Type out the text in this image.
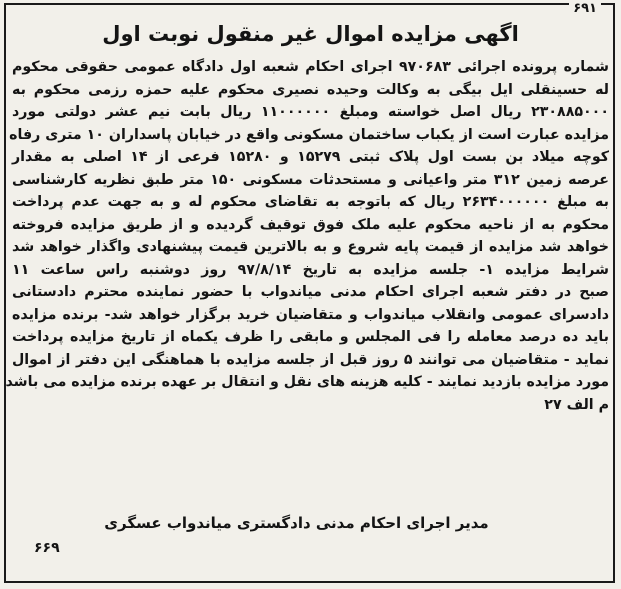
۶۹۱
اگهی مزایده اموال غیر منقول نوبت اول
شماره پرونده اجرائی ۹۷۰۶۸۳ اجرای احکام شعبه اول دادگاه عمومی حقوقی محکوم
له حسینقلی ایل بیگی به وکالت وحیده نصیری محکوم علیه حمزه رزمی محکوم به
۲۳۰۸۸۵۰۰۰ ریال اصل خواسته ومبلغ ۱۱۰۰۰۰۰۰ ریال بابت نیم عشر دولتی مورد
مزایده عبارت است از یکباب ساختمان مسکونی واقع در خیابان پاسداران ۱۰ متری رفاه
کوچه میلاد بن بست اول پلاک ثبتی ۱۵۲۷۹ و ۱۵۲۸۰ فرعی از ۱۴ اصلی به مقدار
عرصه زمین ۳۱۲ متر واعیانی و مستحدثات مسکونی ۱۵۰ متر طبق نظریه کارشناسی
به مبلغ ۲۶۳۴۰۰۰۰۰۰ ریال که باتوجه به تقاضای محکوم له و به جهت عدم پرداخت
محکوم به از ناحیه محکوم علیه ملک فوق توقیف گردیده و از طریق مزایده فروخته
خواهد شد مزایده از قیمت پایه شروع و به بالاترین قیمت پیشنهادی واگذار خواهد شد
شرایط مزایده ۱- جلسه مزایده به تاریخ ۹۷/۸/۱۴ روز دوشنبه راس ساعت ۱۱
صبح در دفتر شعبه اجرای احکام مدنی میاندواب با حضور نماینده محترم دادستانی
دادسرای عمومی وانقلاب میاندواب و متقاضیان خرید برگزار خواهد شد- برنده مزایده
باید ده درصد معامله را فی المجلس و مابقی را ظرف یکماه از تاریخ مزایده پرداخت
نماید - متقاضیان می توانند ۵ روز قبل از جلسه مزایده با هماهنگی این دفتر از اموال
مورد مزایده بازدید نمایند - کلیه هزینه های نقل و انتقال بر عهده برنده مزایده می باشد
م الف ۲۷
مدیر اجرای احکام مدنی دادگستری میاندواب عسگری
۶۶۹
